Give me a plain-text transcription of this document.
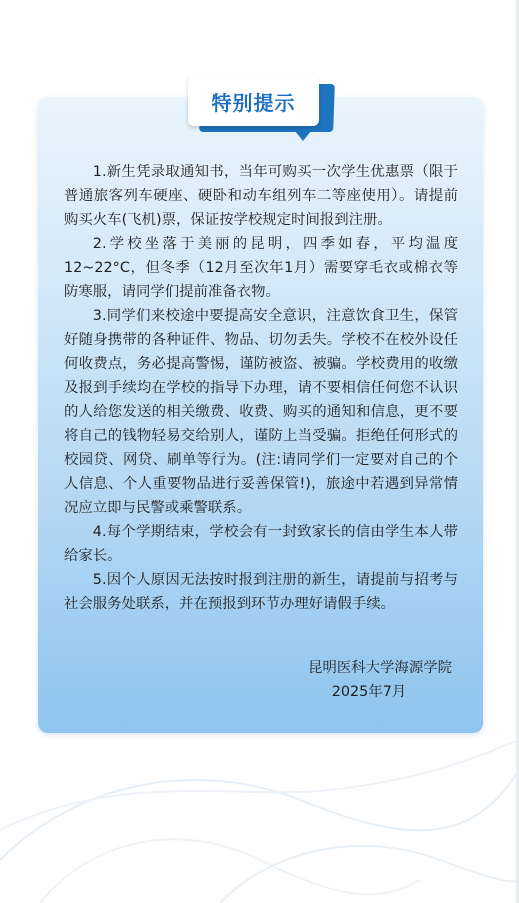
特别提示

1.新生凭录取通知书，当年可购买一次学生优惠票（限于普通旅客列车硬座、硬卧和动车组列车二等座使用）。请提前购买火车(飞机)票，保证按学校规定时间报到注册。

2.学校坐落于美丽的昆明，四季如春，平均温度12~22°C，但冬季（12月至次年1月）需要穿毛衣或棉衣等防寒服，请同学们提前准备衣物。

3.同学们来校途中要提高安全意识，注意饮食卫生，保管好随身携带的各种证件、物品、切勿丢失。学校不在校外设任何收费点，务必提高警惕，谨防被盗、被骗。学校费用的收缴及报到手续均在学校的指导下办理，请不要相信任何您不认识的人给您发送的相关缴费、收费、购买的通知和信息，更不要将自己的钱物轻易交给别人，谨防上当受骗。拒绝任何形式的校园贷、网贷、刷单等行为。(注:请同学们一定要对自己的个人信息、个人重要物品进行妥善保管!)，旅途中若遇到异常情况应立即与民警或乘警联系。

4.每个学期结束，学校会有一封致家长的信由学生本人带给家长。

5.因个人原因无法按时报到注册的新生，请提前与招考与社会服务处联系，并在预报到环节办理好请假手续。

昆明医科大学海源学院
2025年7月
